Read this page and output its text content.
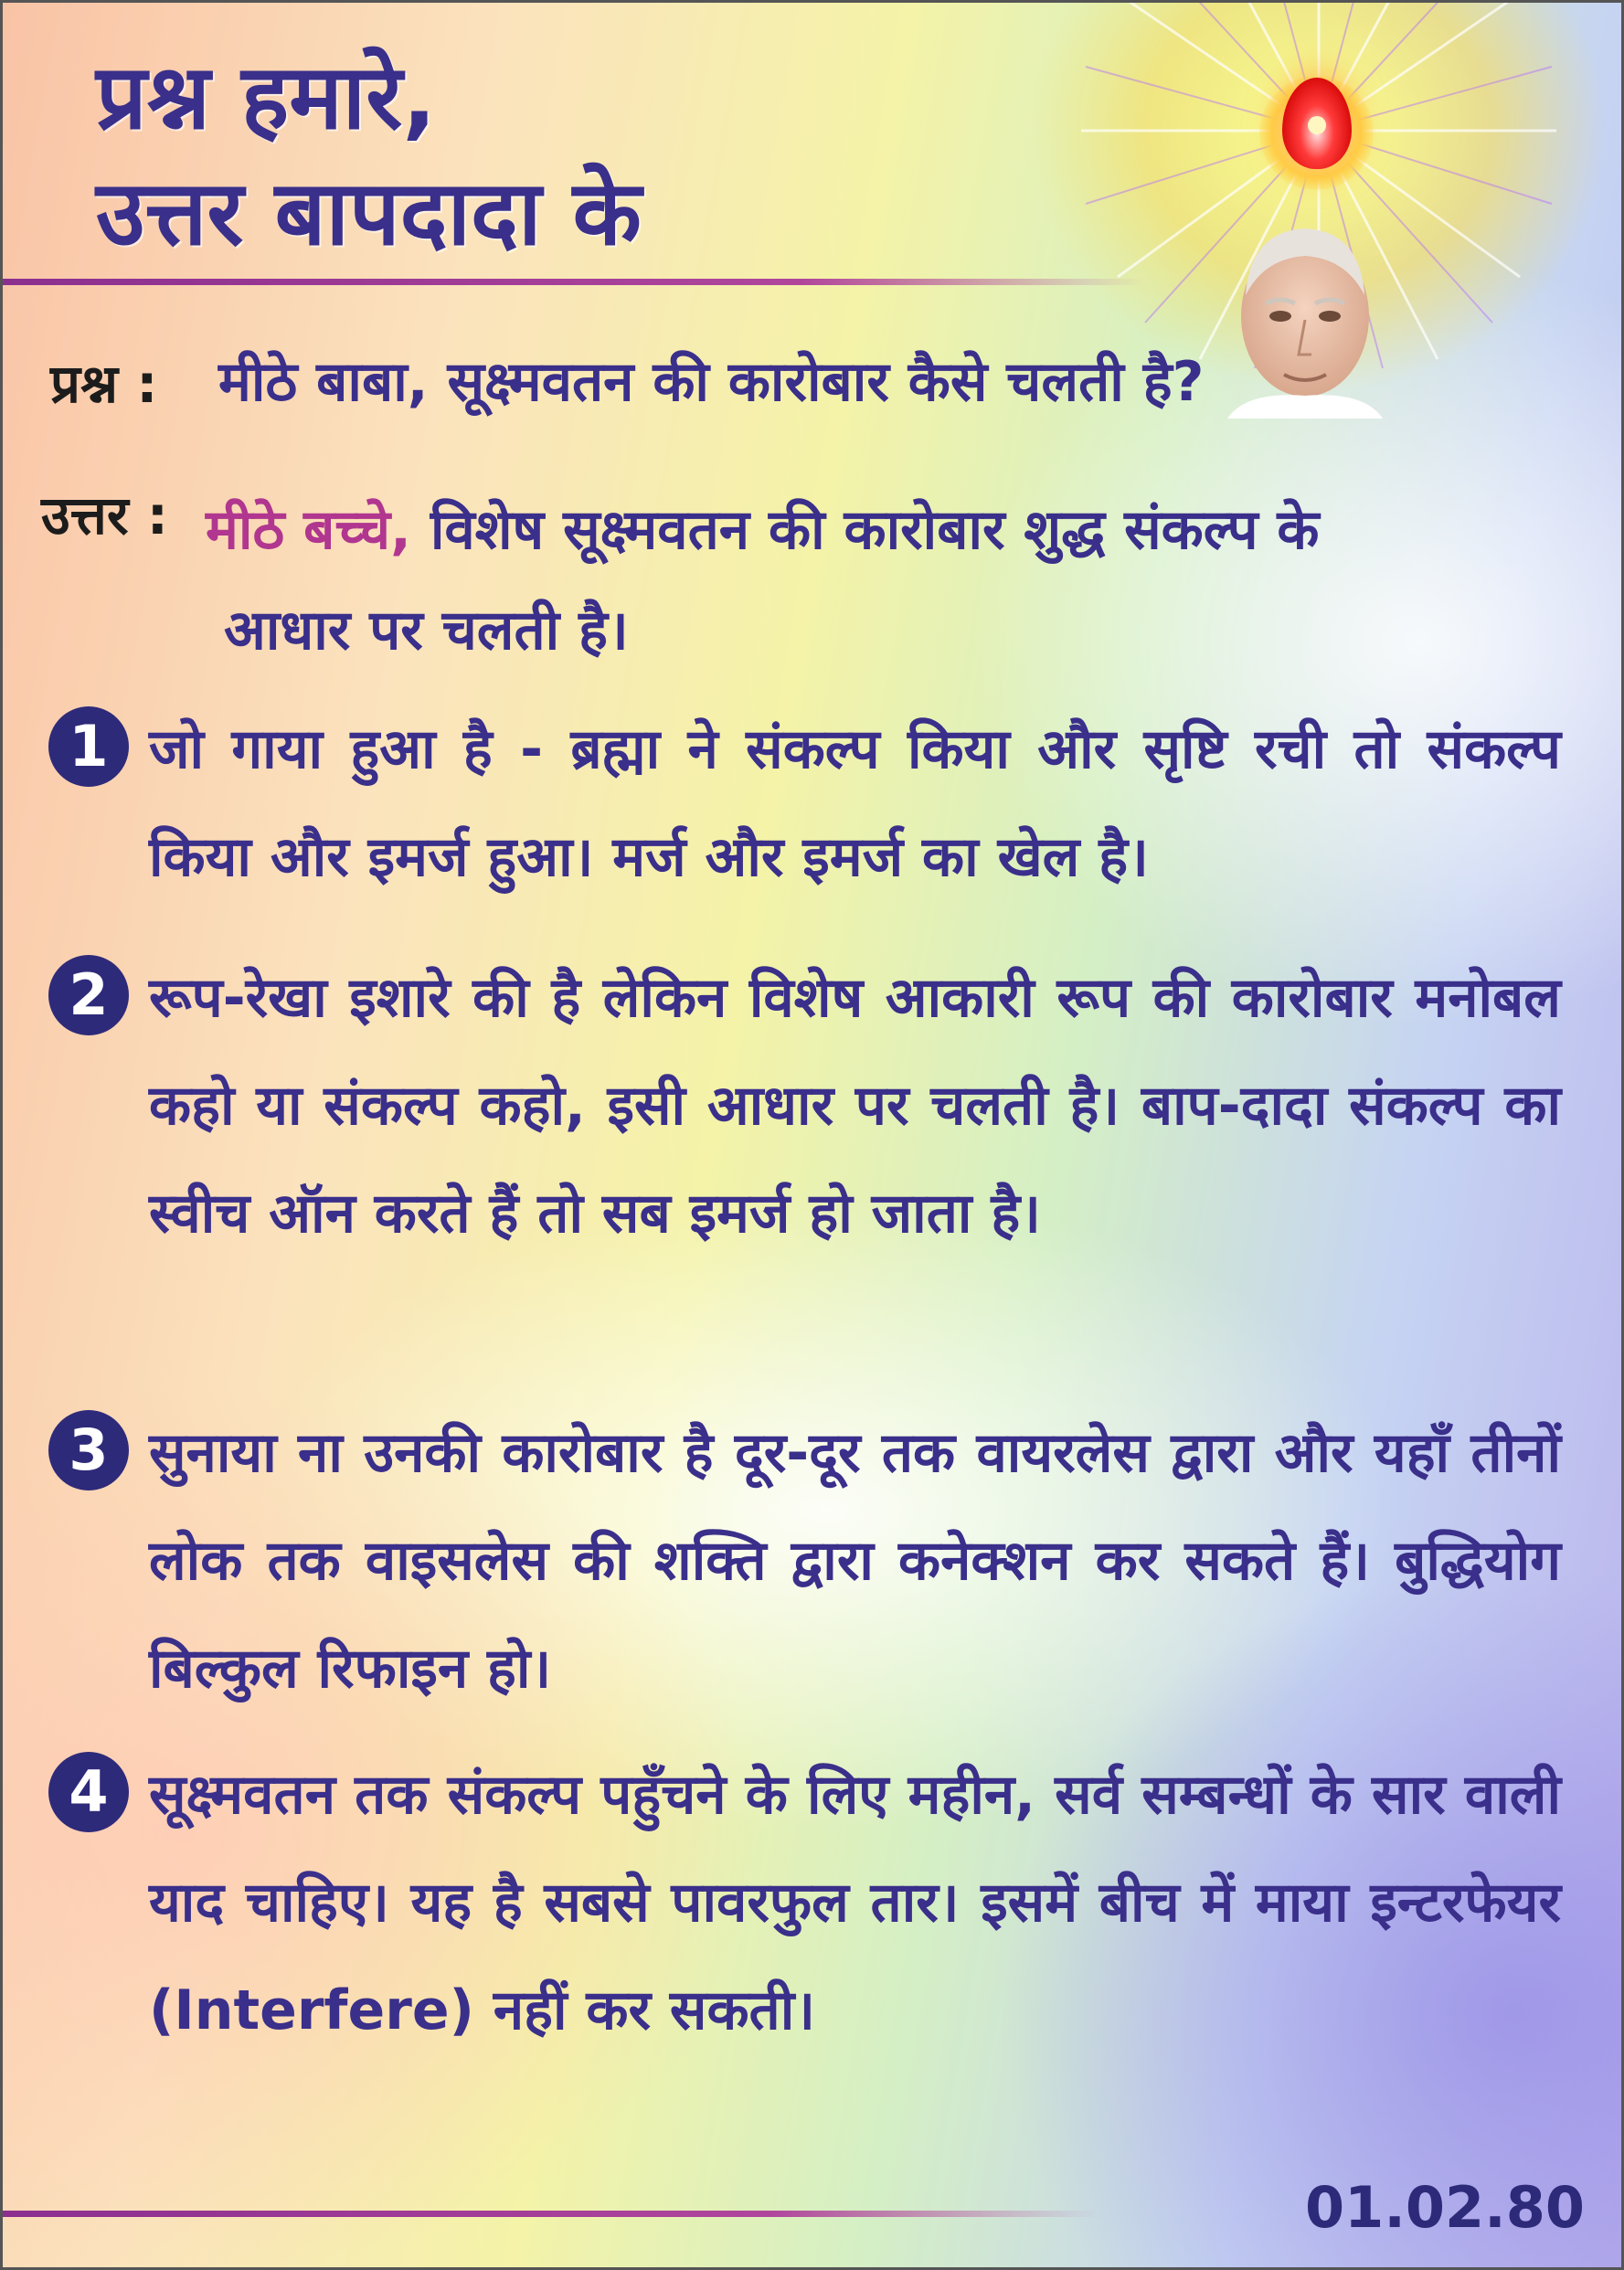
प्रश्न हमारे,
उत्तर बापदादा के
प्रश्न : मीठे बाबा, सूक्ष्मवतन की कारोबार कैसे चलती है?
उत्तर : मीठे बच्चे, विशेष सूक्ष्मवतन की कारोबार शुद्ध संकल्प के
आधार पर चलती है।
1 जो गाया हुआ है - ब्रह्मा ने संकल्प किया और सृष्टि रची तो संकल्प किया और इमर्ज हुआ। मर्ज और इमर्ज का खेल है।

2 रूप-रेखा इशारे की है लेकिन विशेष आकारी रूप की कारोबार मनोबल कहो या संकल्प कहो, इसी आधार पर चलती है। बाप-दादा संकल्प का स्वीच ऑन करते हैं तो सब इमर्ज हो जाता है।

3 सुनाया ना उनकी कारोबार है दूर-दूर तक वायरलेस द्वारा और यहाँ तीनों लोक तक वाइसलेस की शक्ति द्वारा कनेक्शन कर सकते हैं। बुद्धियोग बिल्कुल रिफाइन हो।

4 सूक्ष्मवतन तक संकल्प पहुँचने के लिए महीन, सर्व सम्बन्धों के सार वाली याद चाहिए। यह है सबसे पावरफुल तार। इसमें बीच में माया इन्टरफेयर (Interfere) नहीं कर सकती।

01.02.80
